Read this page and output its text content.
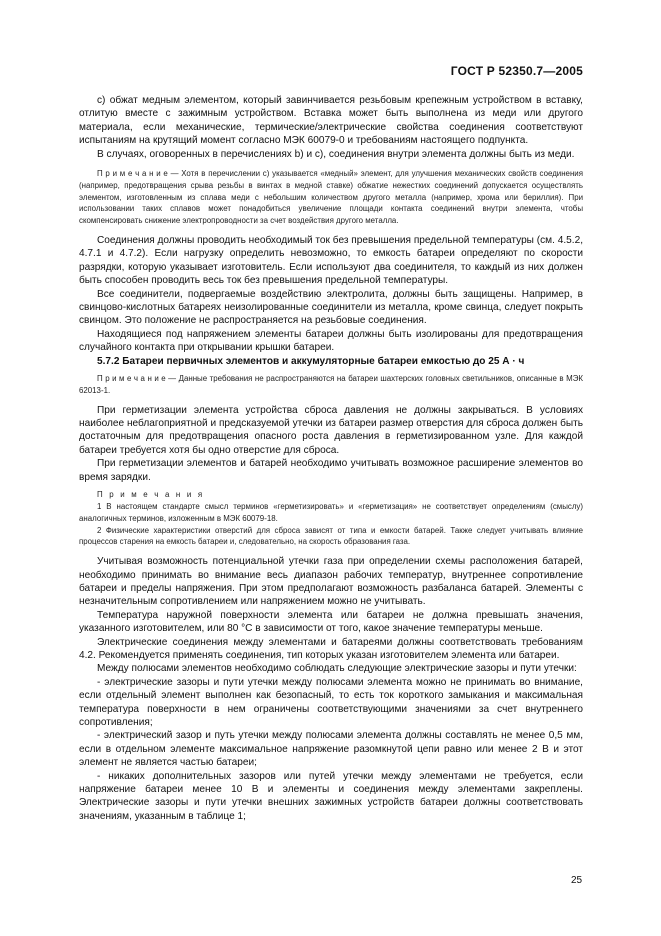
ГОСТ Р 52350.7—2005

c) обжат медным элементом, который завинчивается резьбовым крепежным устройством в вставку, отлитую вместе с зажимным устройством. Вставка может быть выполнена из меди или другого материала, если механические, термические/электрические свойства соединения соответствуют испытаниям на крутящий момент согласно МЭК 60079-0 и требованиям настоящего подпункта.

В случаях, оговоренных в перечислениях b) и c), соединения внутри элемента должны быть из меди.

П р и м е ч а н и е — Хотя в перечислении c) указывается «медный» элемент, для улучшения механических свойств соединения (например, предотвращения срыва резьбы в винтах в медной ставке) обжатие нежестких соединений допускается осуществлять элементом, изготовленным из сплава меди с небольшим количеством другого металла (например, хрома или бериллия). При использовании таких сплавов может понадобиться увеличение площади контакта соединений внутри элемента, чтобы скомпенсировать снижение электропроводности за счет воздействия другого металла.

Соединения должны проводить необходимый ток без превышения предельной температуры (см. 4.5.2, 4.7.1 и 4.7.2). Если нагрузку определить невозможно, то емкость батареи определяют по скорости разрядки, которую указывает изготовитель. Если используют два соединителя, то каждый из них должен быть способен проводить весь ток без превышения предельной температуры.

Все соединители, подвергаемые воздействию электролита, должны быть защищены. Например, в свинцово-кислотных батареях неизолированные соединители из металла, кроме свинца, следует покрыть свинцом. Это положение не распространяется на резьбовые соединения.

Находящиеся под напряжением элементы батареи должны быть изолированы для предотвращения случайного контакта при открывании крышки батареи.

5.7.2 Батареи первичных элементов и аккумуляторные батареи емкостью до 25 А · ч

П р и м е ч а н и е — Данные требования не распространяются на батареи шахтерских головных светильников, описанные в МЭК 62013-1.

При герметизации элемента устройства сброса давления не должны закрываться. В условиях наиболее неблагоприятной и предсказуемой утечки из батареи размер отверстия для сброса должен быть достаточным для предотвращения опасного роста давления в герметизированном узле. Для каждой батареи требуется хотя бы одно отверстие для сброса.

При герметизации элементов и батарей необходимо учитывать возможное расширение элементов во время зарядки.

П р и м е ч а н и я

1 В настоящем стандарте смысл терминов «герметизировать» и «герметизация» не соответствует определениям (смыслу) аналогичных терминов, изложенным в МЭК 60079-18.

2 Физические характеристики отверстий для сброса зависят от типа и емкости батарей. Также следует учитывать влияние процессов старения на емкость батареи и, следовательно, на скорость образования газа.

Учитывая возможность потенциальной утечки газа при определении схемы расположения батарей, необходимо принимать во внимание весь диапазон рабочих температур, внутреннее сопротивление батареи и пределы напряжения. При этом предполагают возможность разбаланса батарей. Элементы с незначительным сопротивлением или напряжением можно не учитывать.

Температура наружной поверхности элемента или батареи не должна превышать значения, указанного изготовителем, или 80 °С в зависимости от того, какое значение температуры меньше.

Электрические соединения между элементами и батареями должны соответствовать требованиям 4.2. Рекомендуется применять соединения, тип которых указан изготовителем элемента или батареи.

Между полюсами элементов необходимо соблюдать следующие электрические зазоры и пути утечки:

- электрические зазоры и пути утечки между полюсами элемента можно не принимать во внимание, если отдельный элемент выполнен как безопасный, то есть ток короткого замыкания и максимальная температура поверхности в нем ограничены соответствующими значениями за счет внутреннего сопротивления;

- электрический зазор и путь утечки между полюсами элемента должны составлять не менее 0,5 мм, если в отдельном элементе максимальное напряжение разомкнутой цепи равно или менее 2 В и этот элемент не является частью батареи;

- никаких дополнительных зазоров или путей утечки между элементами не требуется, если напряжение батареи менее 10 В и элементы и соединения между элементами закреплены. Электрические зазоры и пути утечки внешних зажимных устройств батареи должны соответствовать значениям, указанным в таблице 1;

25
